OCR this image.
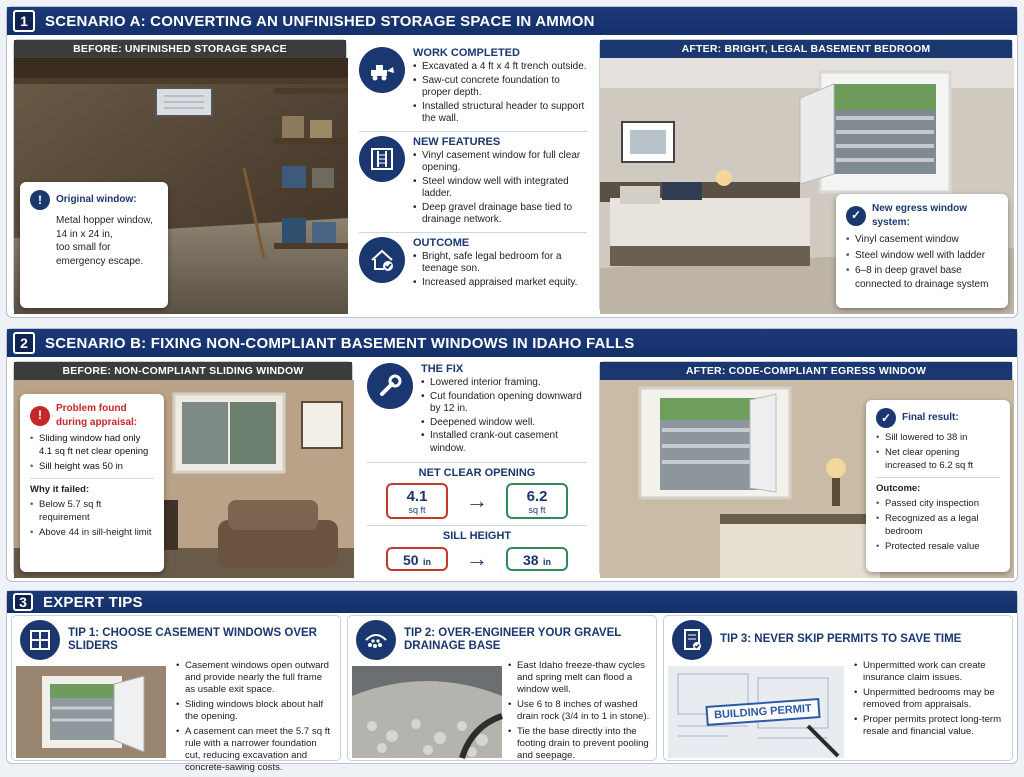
1	SCENARIO A: CONVERTING AN UNFINISHED STORAGE SPACE IN AMMON
BEFORE: UNFINISHED STORAGE SPACE
!	Original window:
Metal hopper window,
14 in x 24 in,
too small for
emergency escape.
WORK COMPLETED
• Excavated a 4 ft x 4 ft trench outside.
• Saw-cut concrete foundation to proper depth.
• Installed structural header to support the wall.
NEW FEATURES
• Vinyl casement window for full clear opening.
• Steel window well with integrated ladder.
• Deep gravel drainage base tied to drainage network.
OUTCOME
• Bright, safe legal bedroom for a teenage son.
• Increased appraised market equity.
AFTER: BRIGHT, LEGAL BASEMENT BEDROOM
✓	New egress window system:
• Vinyl casement window
• Steel window well with ladder
• 6–8 in deep gravel base connected to drainage system
2	SCENARIO B: FIXING NON-COMPLIANT BASEMENT WINDOWS IN IDAHO FALLS
BEFORE: NON-COMPLIANT SLIDING WINDOW
!	Problem found during appraisal:
• Sliding window had only 4.1 sq ft net clear opening
• Sill height was 50 in
Why it failed:
• Below 5.7 sq ft requirement
• Above 44 in sill-height limit
THE FIX
• Lowered interior framing.
• Cut foundation opening downward by 12 in.
• Deepened window well.
• Installed crank-out casement window.
NET CLEAR OPENING
4.1
sq ft	→	6.2
sq ft
SILL HEIGHT
50 in	→	38 in
AFTER: CODE-COMPLIANT EGRESS WINDOW
✓	Final result:
• Sill lowered to 38 in
• Net clear opening increased to 6.2 sq ft
Outcome:
• Passed city inspection
• Recognized as a legal bedroom
• Protected resale value
3	EXPERT TIPS
TIP 1: CHOOSE CASEMENT WINDOWS OVER SLIDERS
• Casement windows open outward and provide nearly the full frame as usable exit space.
• Sliding windows block about half the opening.
• A casement can meet the 5.7 sq ft rule with a narrower foundation cut, reducing excavation and concrete-sawing costs.
TIP 2: OVER-ENGINEER YOUR GRAVEL DRAINAGE BASE
• East Idaho freeze-thaw cycles and spring melt can flood a window well.
• Use 6 to 8 inches of washed drain rock (3/4 in to 1 in stone).
• Tie the base directly into the footing drain to prevent pooling and seepage.
TIP 3: NEVER SKIP PERMITS TO SAVE TIME
BUILDING PERMIT
• Unpermitted work can create insurance claim issues.
• Unpermitted bedrooms may be removed from appraisals.
• Proper permits protect long-term resale and financial value.
